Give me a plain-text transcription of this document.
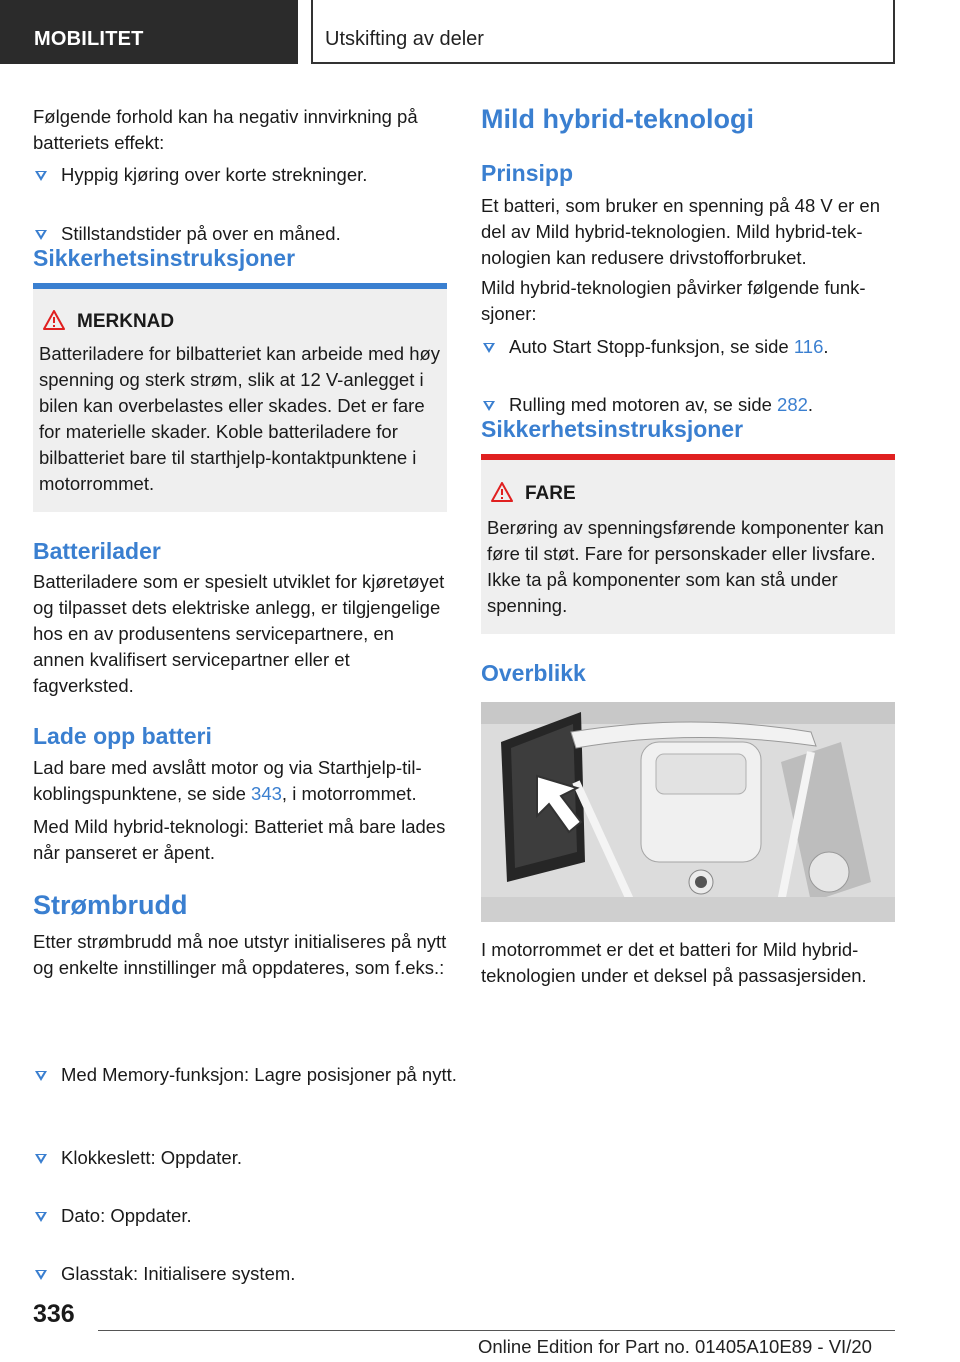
MOBILITET	Utskifting av deler

Følgende forhold kan ha negativ innvirkning på batteriets effekt:

Hyppig kjøring over korte strekninger.

Stillstandstider på over en måned.

Sikkerhetsinstruksjoner

MERKNAD

Batteriladere for bilbatteriet kan arbeide med høy spenning og sterk strøm, slik at 12 V-anlegget i bilen kan overbelastes eller skades. Det er fare for materielle skader. Koble batteriladere for bilbatteriet bare til starthjelp-kontaktpunktene i motorrommet.

Batterilader

Batteriladere som er spesielt utviklet for kjøretøyet og tilpasset dets elektriske anlegg, er tilgjengelige hos en av produsentens servicepartnere, en annen kvalifisert servicepartner eller et fagverksted.

Lade opp batteri

Lad bare med avslått motor og via Starthjelp-tilkoblingspunktene, se side 343, i motorrommet.

Med Mild hybrid-teknologi: Batteriet må bare lades når panseret er åpent.

Strømbrudd

Etter strømbrudd må noe utstyr initialiseres på nytt og enkelte innstillinger må oppdateres, som f.eks.:

Med Memory-funksjon: Lagre posisjoner på nytt.

Klokkeslett: Oppdater.

Dato: Oppdater.

Glasstak: Initialisere system.

Mild hybrid-teknologi

Prinsipp

Et batteri, som bruker en spenning på 48 V er en del av Mild hybrid-teknologien. Mild hybrid-teknologien kan redusere drivstofforbruket.

Mild hybrid-teknologien påvirker følgende funksjoner:

Auto Start Stopp-funksjon, se side 116.

Rulling med motoren av, se side 282.

Sikkerhetsinstruksjoner

FARE

Berøring av spenningsførende komponenter kan føre til støt. Fare for personskader eller livsfare. Ikke ta på komponenter som kan stå under spenning.

Overblikk

I motorrommet er det et batteri for Mild hybrid-teknologien under et deksel på passasjersiden.

336
Online Edition for Part no. 01405A10E89 - VI/20
